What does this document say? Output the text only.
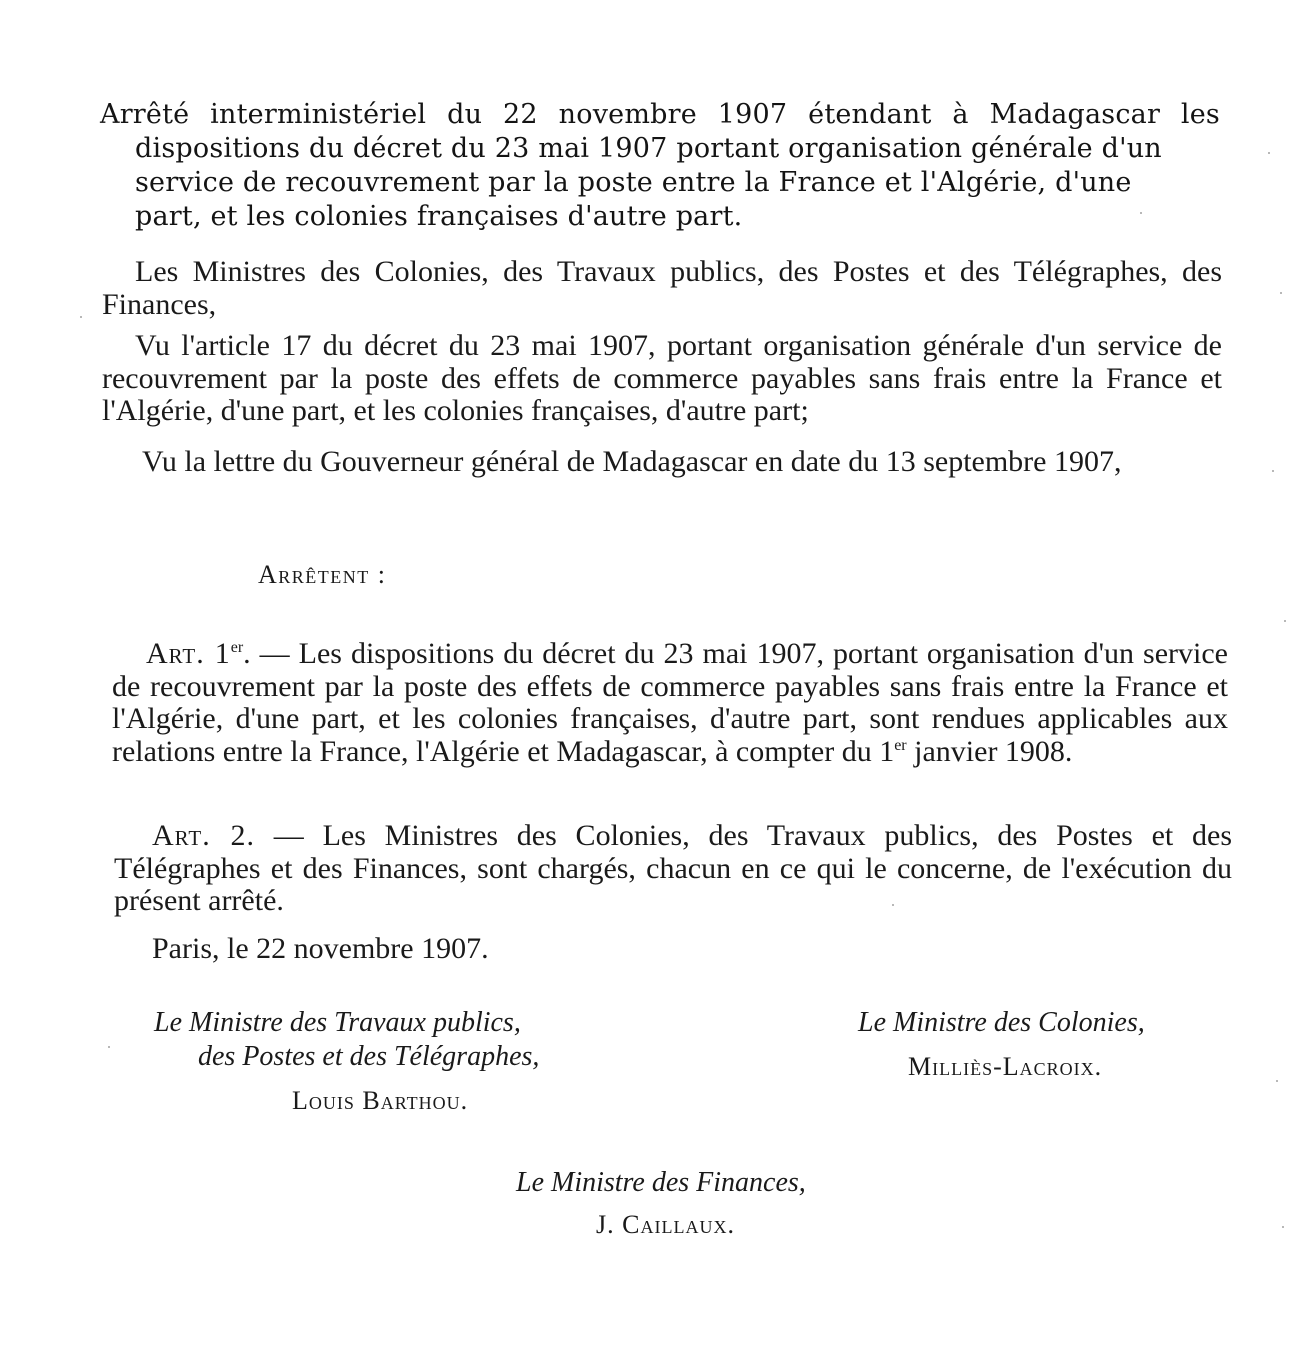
Arrêté interministériel du 22 novembre 1907 étendant à Madagascar les
dispositions du décret du 23 mai 1907 portant organisation générale d'un
service de recouvrement par la poste entre la France et l'Algérie, d'une
part, et les colonies françaises d'autre part.
Les Ministres des Colonies, des Travaux publics, des Postes et des Télégraphes, des Finances,
Vu l'article 17 du décret du 23 mai 1907, portant organisation générale d'un service de recouvrement par la poste des effets de commerce payables sans frais entre la France et l'Algérie, d'une part, et les colonies françaises, d'autre part;
Vu la lettre du Gouverneur général de Madagascar en date du 13 septembre 1907,
Arrêtent :
Art. 1er. — Les dispositions du décret du 23 mai 1907, portant organisation d'un service de recouvrement par la poste des effets de commerce payables sans frais entre la France et l'Algérie, d'une part, et les colonies françaises, d'autre part, sont rendues applicables aux relations entre la France, l'Algérie et Madagascar, à compter du 1er janvier 1908.
Art. 2. — Les Ministres des Colonies, des Travaux publics, des Postes et des Télégraphes et des Finances, sont chargés, chacun en ce qui le concerne, de l'exécution du présent arrêté.
Paris, le 22 novembre 1907.
Le Ministre des Travaux publics,
des Postes et des Télégraphes,
Louis Barthou.
Le Ministre des Colonies,
Milliès-Lacroix.
Le Ministre des Finances,
J. Caillaux.
